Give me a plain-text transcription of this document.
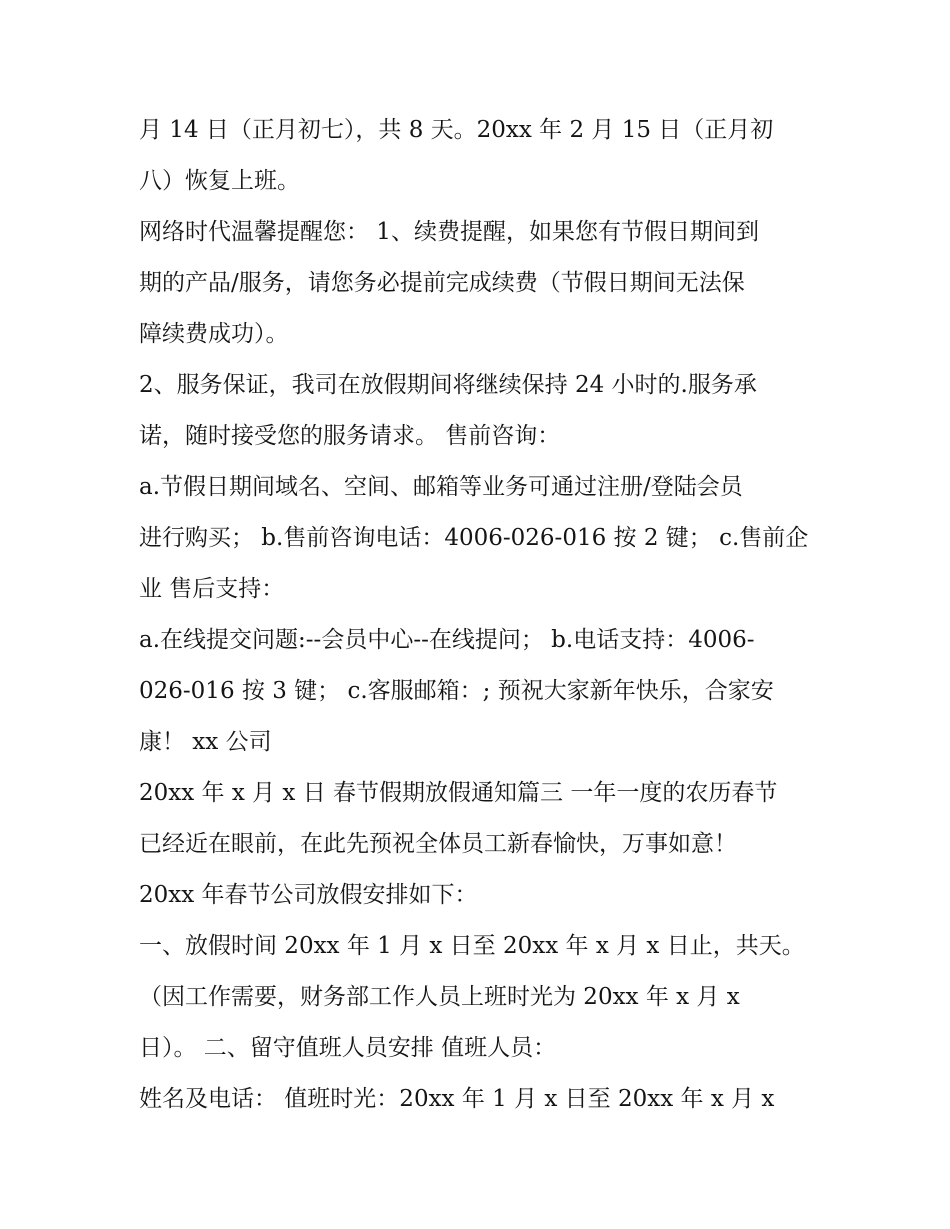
月 14 日（正月初七），共 8 天。20xx 年 2 月 15 日（正月初
八）恢复上班。
网络时代温馨提醒您： 1、续费提醒，如果您有节假日期间到
期的产品/服务，请您务必提前完成续费（节假日期间无法保
障续费成功）。
2、服务保证，我司在放假期间将继续保持 24 小时的.服务承
诺，随时接受您的服务请求。 售前咨询：
a.节假日期间域名、空间、邮箱等业务可通过注册/登陆会员
进行购买； b.售前咨询电话：4006-026-016 按 2 键； c.售前企
业 售后支持：
a.在线提交问题:--会员中心--在线提问； b.电话支持：4006-
026-016 按 3 键； c.客服邮箱：; 预祝大家新年快乐，合家安
康！ xx 公司
20xx 年 x 月 x 日 春节假期放假通知篇三 一年一度的农历春节
已经近在眼前，在此先预祝全体员工新春愉快，万事如意！
20xx 年春节公司放假安排如下：
一、放假时间 20xx 年 1 月 x 日至 20xx 年 x 月 x 日止，共天。
（因工作需要，财务部工作人员上班时光为 20xx 年 x 月 x
日）。 二、留守值班人员安排 值班人员：
姓名及电话： 值班时光：20xx 年 1 月 x 日至 20xx 年 x 月 x
